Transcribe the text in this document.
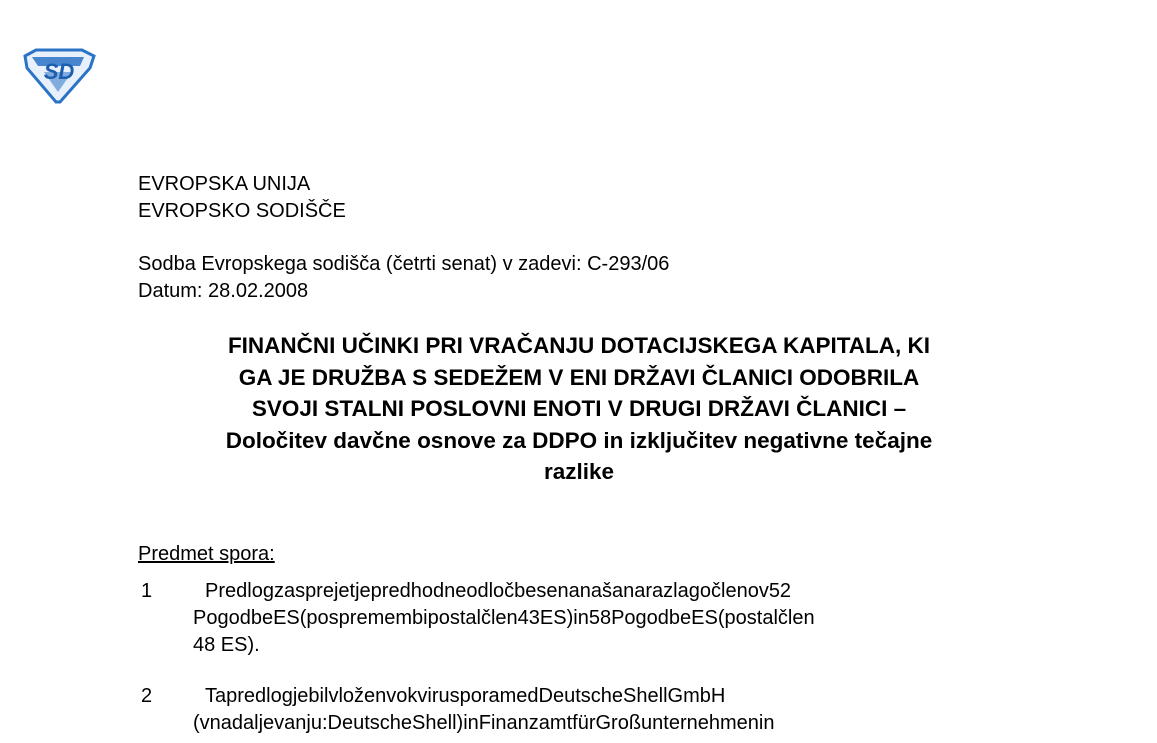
SD
EVROPSKA UNIJA
EVROPSKO SODIŠČE
Sodba Evropskega sodišča (četrti senat) v zadevi: C-293/06
Datum: 28.02.2008
FINANČNI UČINKI PRI VRAČANJU DOTACIJSKEGA KAPITALA, KI
GA JE DRUŽBA S SEDEŽEM V ENI DRŽAVI ČLANICI ODOBRILA
SVOJI STALNI POSLOVNI ENOTI V DRUGI DRŽAVI ČLANICI –
Določitev davčne osnove za DDPO in izključitev negativne tečajne
razlike
Predmet spora:
1	Predlogzasprejetjepredhodneodločbesenanašanarazlagočlenov52
PogodbeES(pospremembipostalčlen43ES)in58PogodbeES(postalčlen
48 ES).
2	TapredlogjebilvloženvokvirusporamedDeutscheShellGmbH
(vnadaljevanju:DeutscheShell)inFinanzamtfürGroßunternehmenin
